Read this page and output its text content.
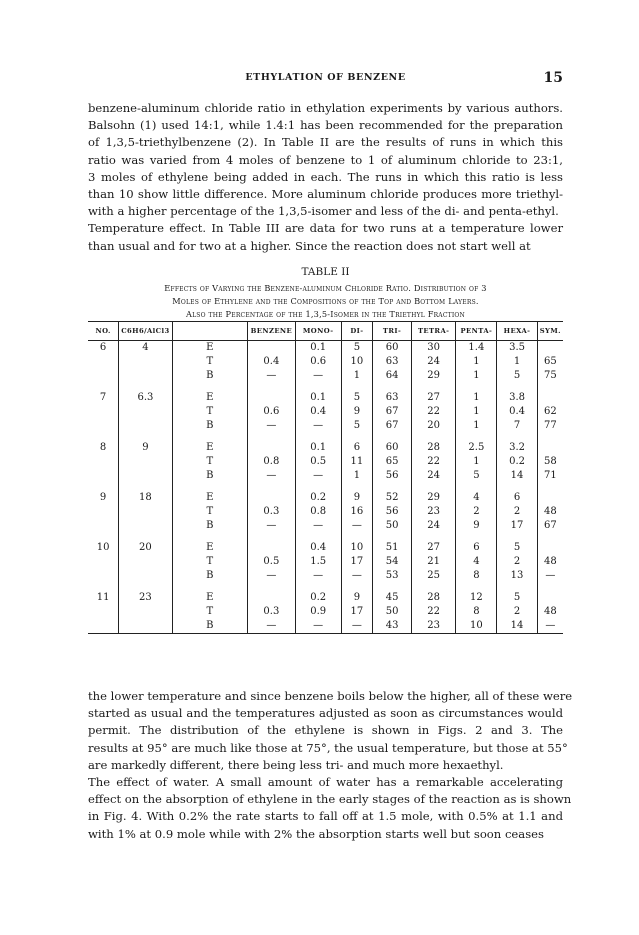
ETHYLATION OF BENZENE	15
benzene-aluminum chloride ratio in ethylation experiments by various authors.
Balsohn (1) used 14:1, while 1.4:1 has been recommended for the preparation
of 1,3,5-triethylbenzene (2). In Table II are the results of runs in which this
ratio was varied from 4 moles of benzene to 1 of aluminum chloride to 23:1,
3 moles of ethylene being added in each. The runs in which this ratio is less
than 10 show little difference. More aluminum chloride produces more triethyl-
with a higher percentage of the 1,3,5-isomer and less of the di- and penta-ethyl.
Temperature effect. In Table III are data for two runs at a temperature lower
than usual and for two at a higher. Since the reaction does not start well at
TABLE II
Effects of Varying the Benzene-aluminum Chloride Ratio. Distribution of 3
Moles of Ethylene and the Compositions of the Top and Bottom Layers.
Also the Percentage of the 1,3,5-Isomer in the Triethyl Fraction
NO.	C6H6/AlCl3		BENZENE	MONO-	DI-	TRI-	TETRA-	PENTA-	HEXA-	SYM.
6	4	E		0.1	5	60	30	1.4	3.5	
		T	0.4	0.6	10	63	24	1	1	65
		B	—	—	1	64	29	1	5	75
7	6.3	E		0.1	5	63	27	1	3.8	
		T	0.6	0.4	9	67	22	1	0.4	62
		B	—	—	5	67	20	1	7	77
8	9	E		0.1	6	60	28	2.5	3.2	
		T	0.8	0.5	11	65	22	1	0.2	58
		B	—	—	1	56	24	5	14	71
9	18	E		0.2	9	52	29	4	6	
		T	0.3	0.8	16	56	23	2	2	48
		B	—	—	—	50	24	9	17	67
10	20	E		0.4	10	51	27	6	5	
		T	0.5	1.5	17	54	21	4	2	48
		B	—	—	—	53	25	8	13	—
11	23	E		0.2	9	45	28	12	5	
		T	0.3	0.9	17	50	22	8	2	48
		B	—	—	—	43	23	10	14	—
the lower temperature and since benzene boils below the higher, all of these were
started as usual and the temperatures adjusted as soon as circumstances would
permit. The distribution of the ethylene is shown in Figs. 2 and 3. The
results at 95° are much like those at 75°, the usual temperature, but those at 55°
are markedly different, there being less tri- and much more hexaethyl.
The effect of water. A small amount of water has a remarkable accelerating
effect on the absorption of ethylene in the early stages of the reaction as is shown
in Fig. 4. With 0.2% the rate starts to fall off at 1.5 mole, with 0.5% at 1.1 and
with 1% at 0.9 mole while with 2% the absorption starts well but soon ceases
